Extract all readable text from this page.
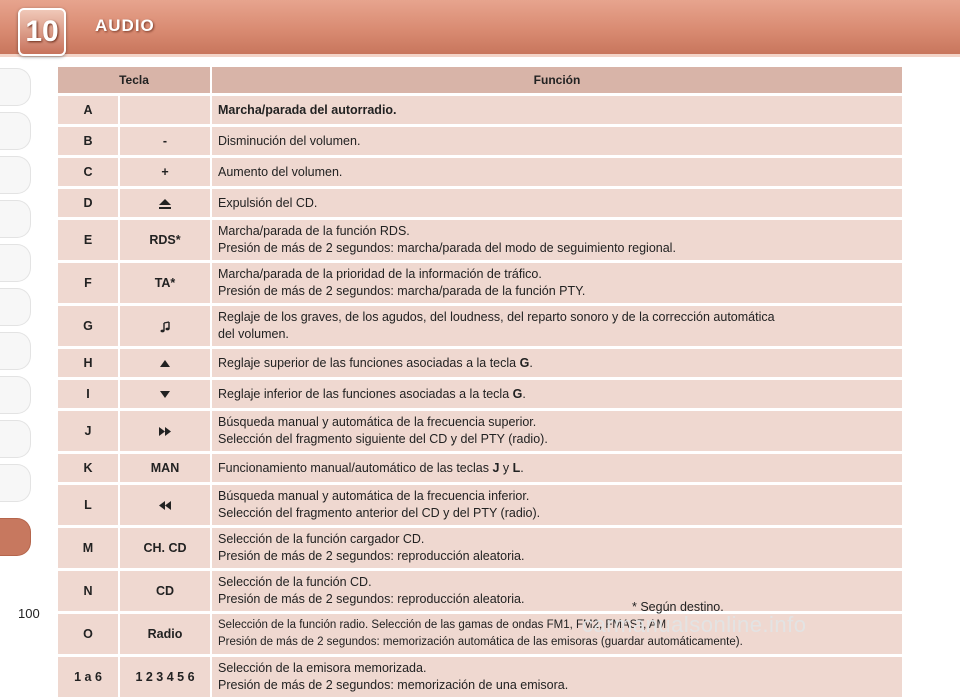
10	AUDIO
Tecla		Función
A		Marcha/parada del autorradio.
B	-	Disminución del volumen.
C	+	Aumento del volumen.
D		Expulsión del CD.
E	RDS*	Marcha/parada de la función RDS.
Presión de más de 2 segundos: marcha/parada del modo de seguimiento regional.
F	TA*	Marcha/parada de la prioridad de la información de tráfico.
Presión de más de 2 segundos: marcha/parada de la función PTY.
G		Reglaje de los graves, de los agudos, del loudness, del reparto sonoro y de la corrección automática
del volumen.
H		Reglaje superior de las funciones asociadas a la tecla G.
I		Reglaje inferior de las funciones asociadas a la tecla G.
J		Búsqueda manual y automática de la frecuencia superior.
Selección del fragmento siguiente del CD y del PTY (radio).
K	MAN	Funcionamiento manual/automático de las teclas J y L.
L		Búsqueda manual y automática de la frecuencia inferior.
Selección del fragmento anterior del CD y del PTY (radio).
M	CH. CD	Selección de la función cargador CD.
Presión de más de 2 segundos: reproducción aleatoria.
N	CD	Selección de la función CD.
Presión de más de 2 segundos: reproducción aleatoria.
O	Radio	Selección de la función radio. Selección de las gamas de ondas FM1, FM2, FMAST, AM.
Presión de más de 2 segundos: memorización automática de las emisoras (guardar automáticamente).
1 a 6	1 2 3 4 5 6	Selección de la emisora memorizada.
Presión de más de 2 segundos: memorización de una emisora.
* Según destino.
100	carmanualsonline.info
